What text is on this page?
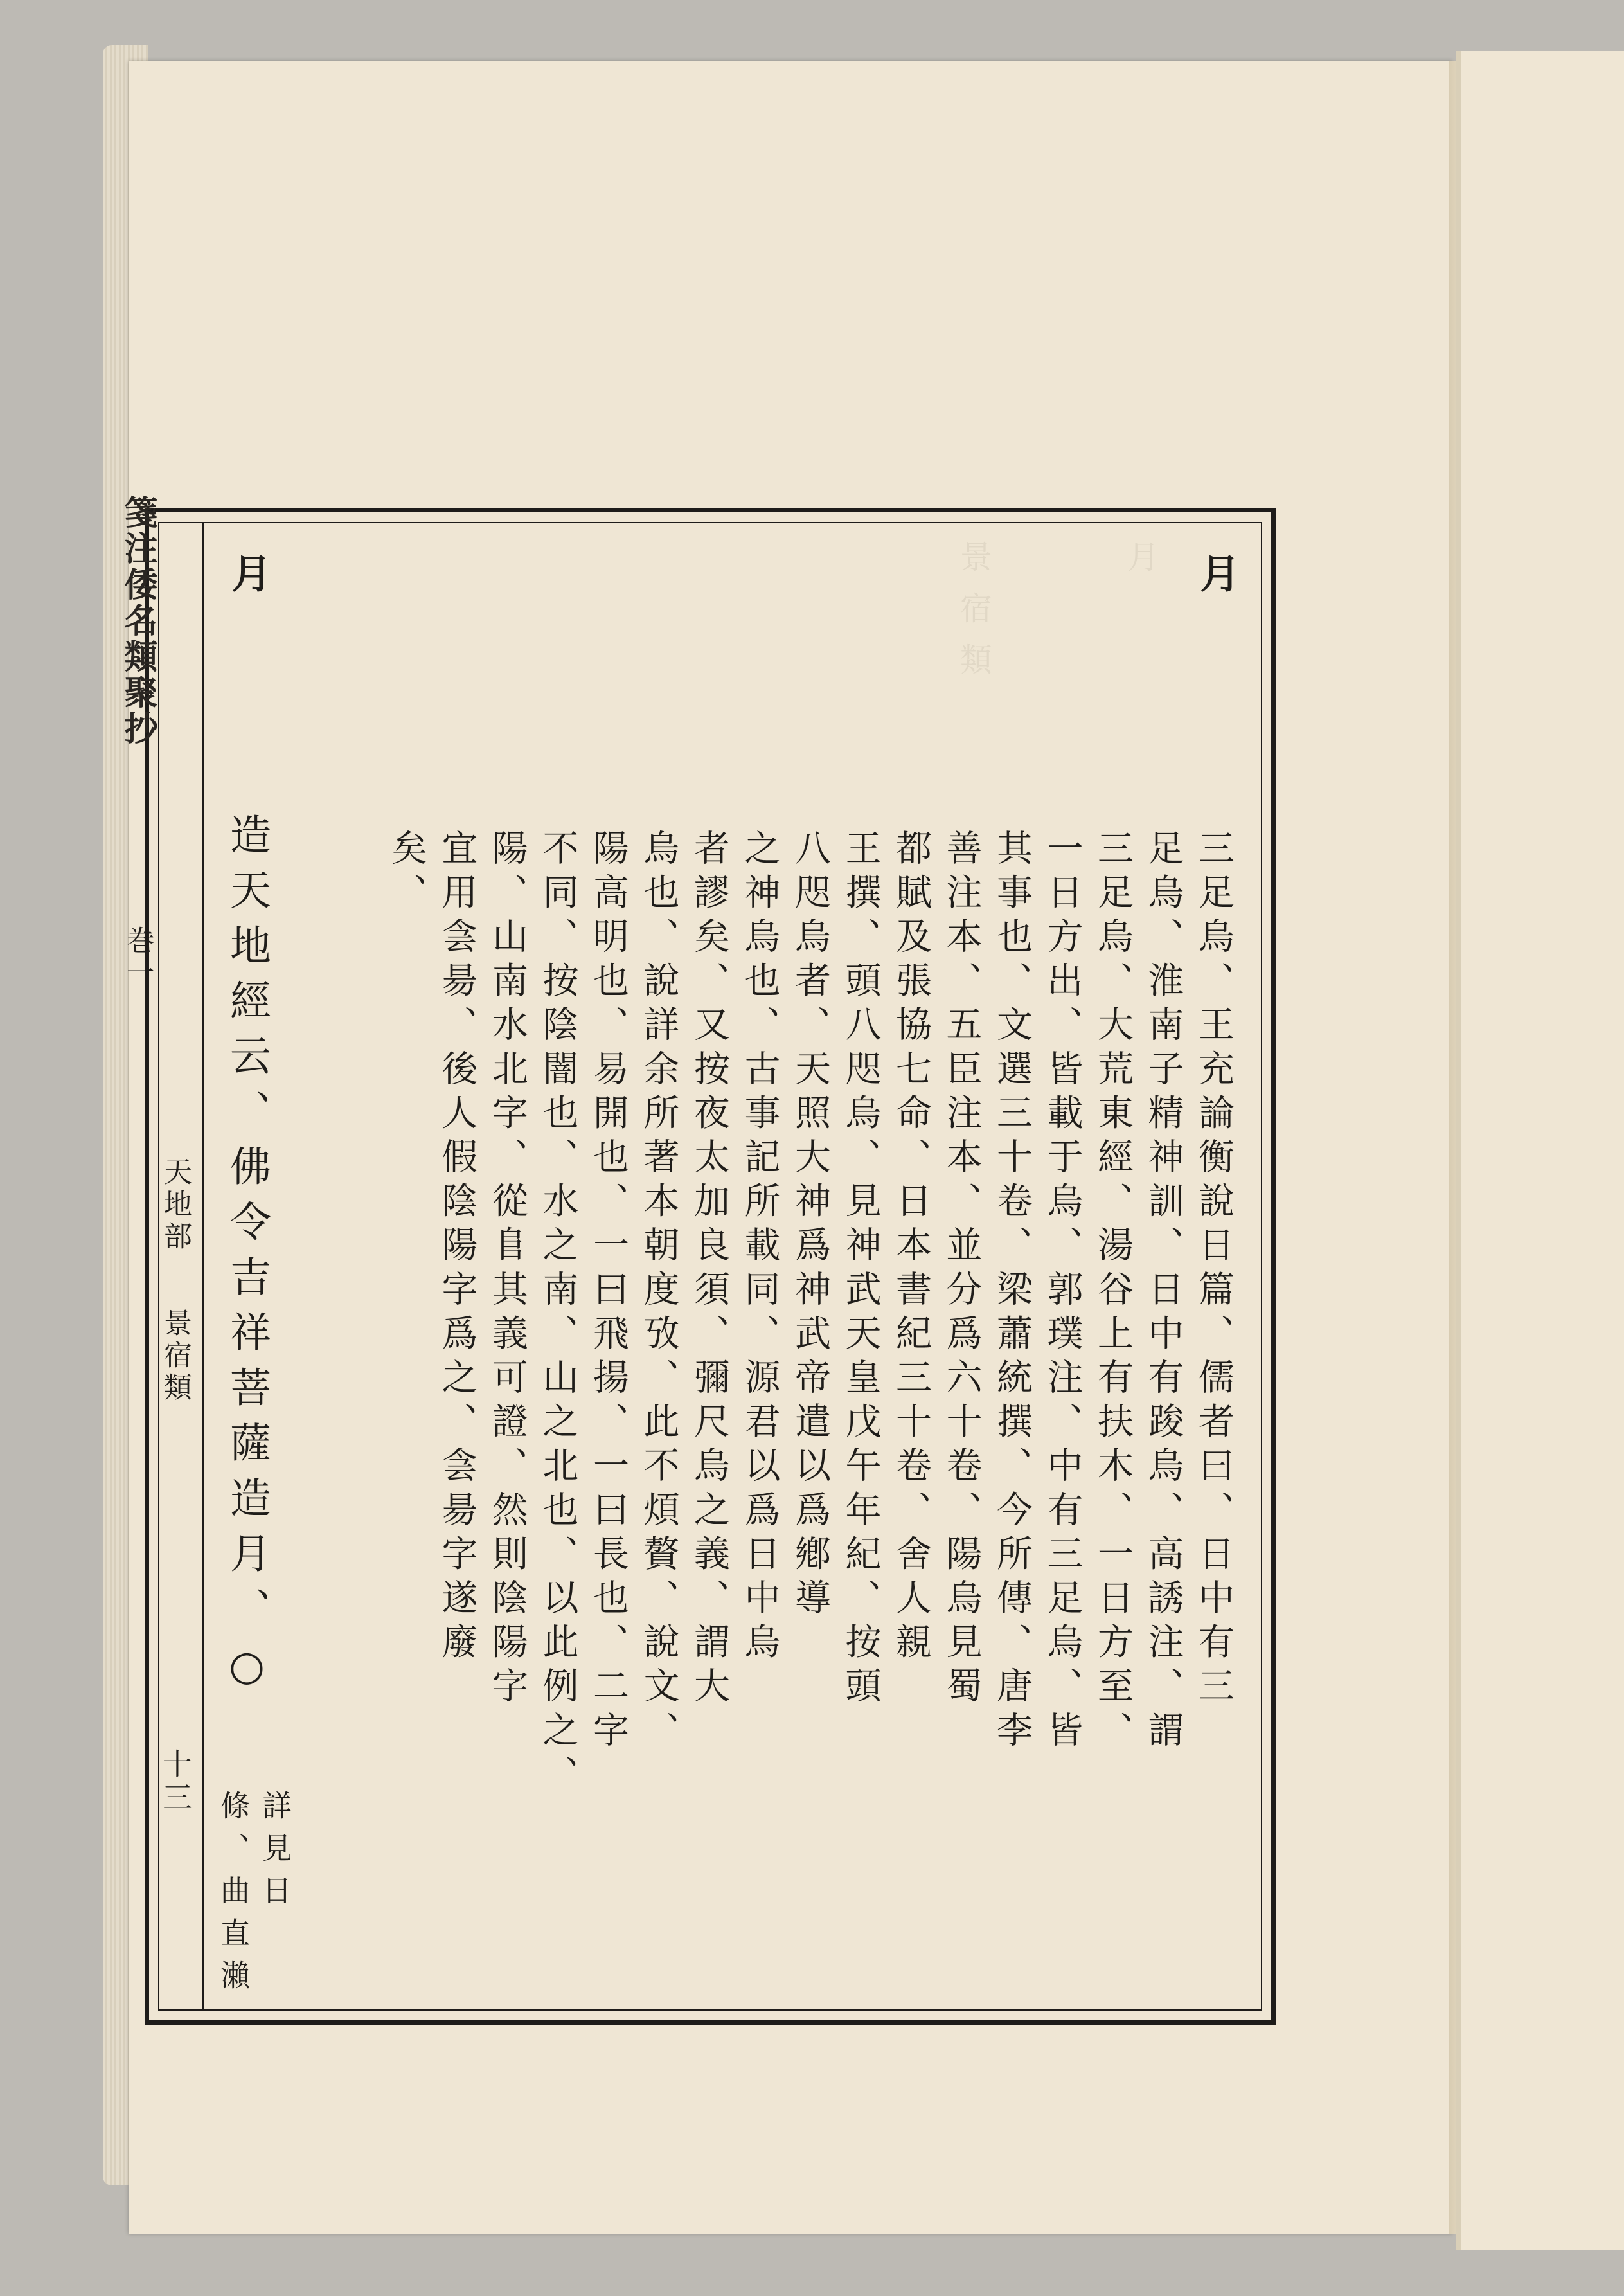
景宿類	月
箋注倭名類聚抄
巻一
天地部
景宿類
十三
三足烏、王充論衡說日篇、儒者曰、日中有三
足烏、淮南子精神訓、日中有踆烏、高誘注、謂
三足烏、大荒東經、湯谷上有扶木、一日方至、
一日方出、皆載于烏、郭璞注、中有三足烏、皆
其事也、文選三十卷、梁蕭統撰、今所傳、唐李
善注本、五臣注本、並分爲六十卷、陽烏見蜀
都賦及張協七命、日本書紀三十卷、舍人親
王撰、頭八咫烏、見神武天皇戊午年紀、按頭
八咫烏者、天照大神爲神武帝遣以爲鄕導
之神烏也、古事記所載同、源君以爲日中烏
者謬矣、又按夜太加良須、彌尺烏之義、謂大
烏也、說詳余所著本朝度攷、此不煩贅、說文、
陽高明也、易開也、一曰飛揚、一曰長也、二字
不同、按陰闇也、水之南、山之北也、以此例之、
陽、山南水北字、從𨸏其義可證、然則陰陽字
宜用侌昜、後人假陰陽字爲之、侌昜字遂廢
矣、
月
月
造天地經云、佛令吉祥菩薩造月、○
詳見日
條、曲直瀨
